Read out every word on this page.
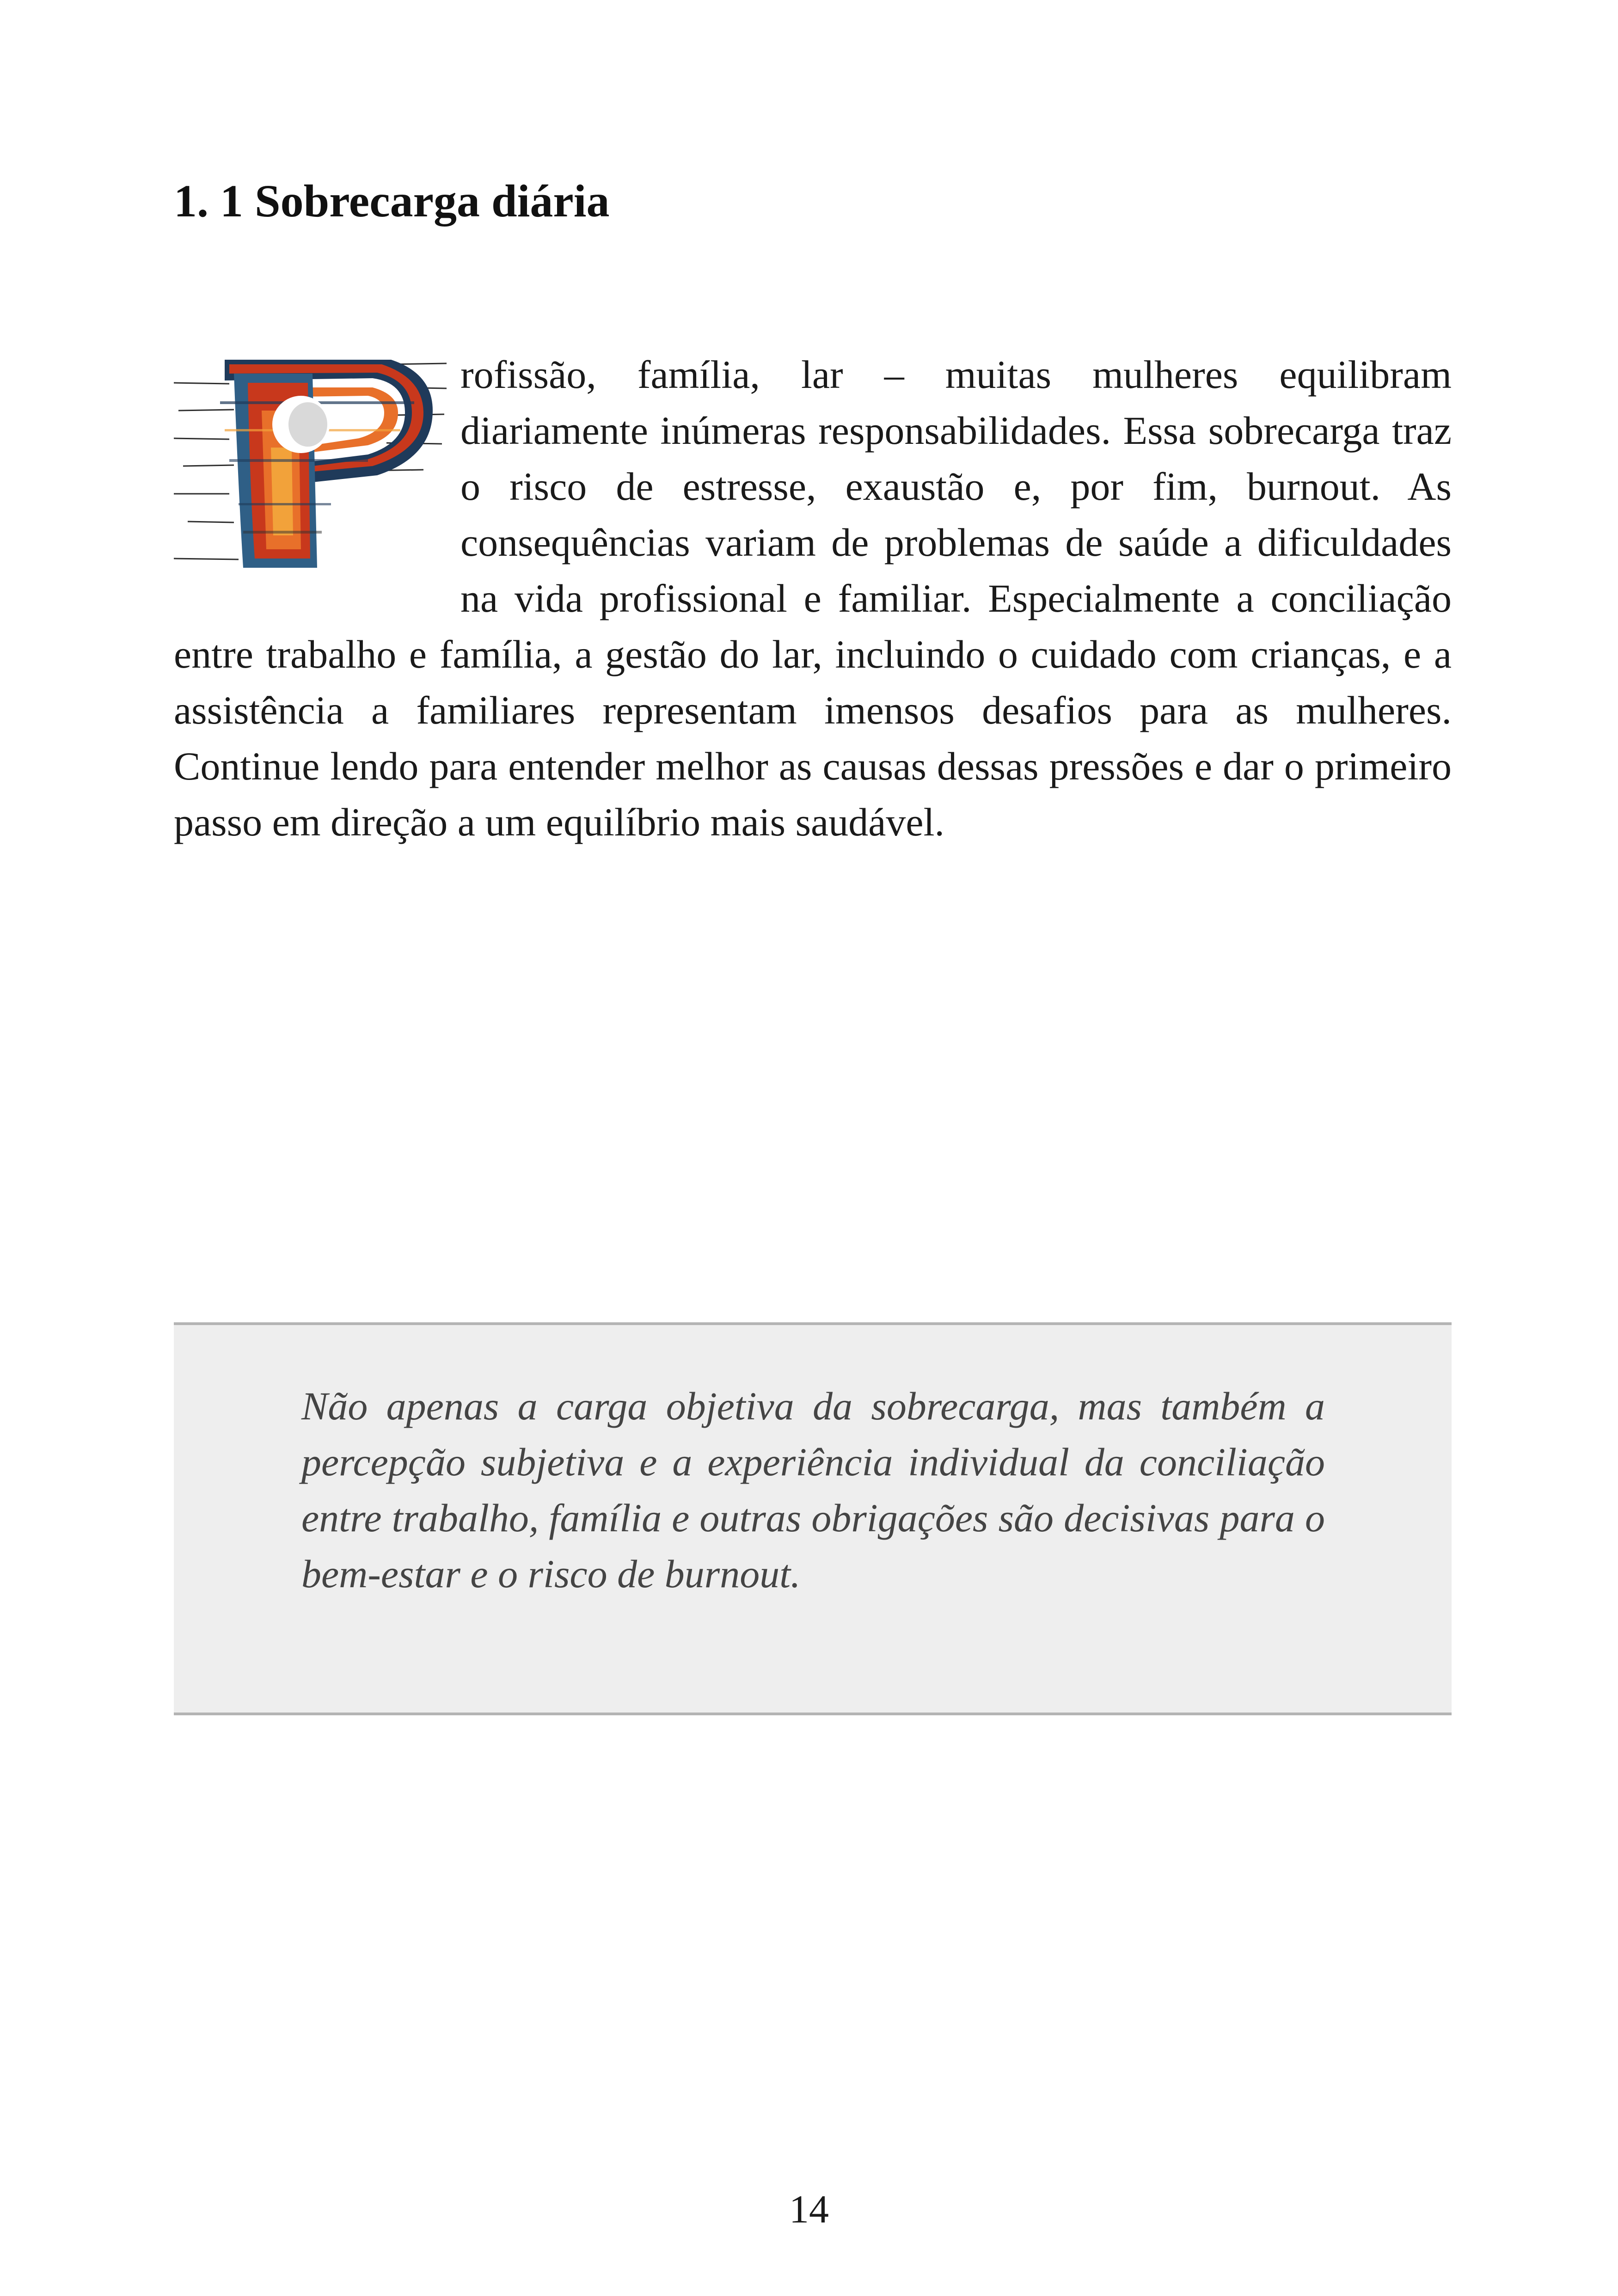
1. 1 Sobrecarga diária

rofissão, família, lar – muitas mulheres equilibram diariamente inúmeras responsabilidades. Essa sobrecarga traz o risco de estresse, exaustão e, por fim, burnout. As consequências variam de problemas de saúde a dificuldades na vida profissional e familiar. Especialmente a conciliação entre trabalho e família, a gestão do lar, incluindo o cuidado com crianças, e a assistência a familiares representam imensos desafios para as mulheres. Continue lendo para entender melhor as causas dessas pressões e dar o primeiro passo em direção a um equilíbrio mais saudável.

Não apenas a carga objetiva da sobrecarga, mas também a percepção subjetiva e a experiência individual da conciliação entre trabalho, família e outras obrigações são decisivas para o bem-estar e o risco de burnout.

14
